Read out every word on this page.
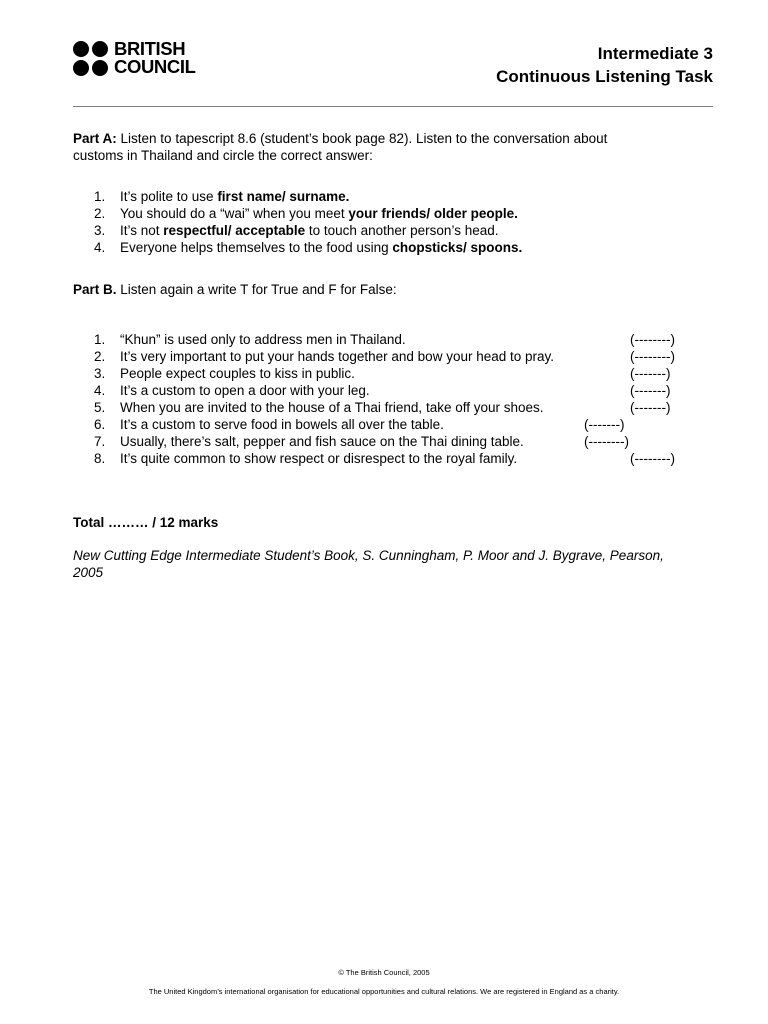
BRITISH
COUNCIL
Intermediate 3
Continuous Listening Task
Part A: Listen to tapescript 8.6 (student’s book page 82). Listen to the conversation about
customs in Thailand and circle the correct answer:
1. It’s polite to use first name/ surname.
2. You should do a “wai” when you meet your friends/ older people.
3. It’s not respectful/ acceptable to touch another person’s head.
4. Everyone helps themselves to the food using chopsticks/ spoons.
Part B. Listen again a write T for True and F for False:
1. “Khun” is used only to address men in Thailand.	(--------)
2. It’s very important to put your hands together and bow your head to pray.	(--------)
3. People expect couples to kiss in public.	(-------)
4. It’s a custom to open a door with your leg.	(-------)
5. When you are invited to the house of a Thai friend, take off your shoes.	(-------)
6. It’s a custom to serve food in bowels all over the table.	(-------)
7. Usually, there’s salt, pepper and fish sauce on the Thai dining table.	(--------)
8. It’s quite common to show respect or disrespect to the royal family.	(--------)
Total ……… / 12 marks
New Cutting Edge Intermediate Student’s Book, S. Cunningham, P. Moor and J. Bygrave, Pearson,
2005
© The British Council, 2005
The United Kingdom’s international organisation for educational opportunities and cultural relations. We are registered in England as a charity.
